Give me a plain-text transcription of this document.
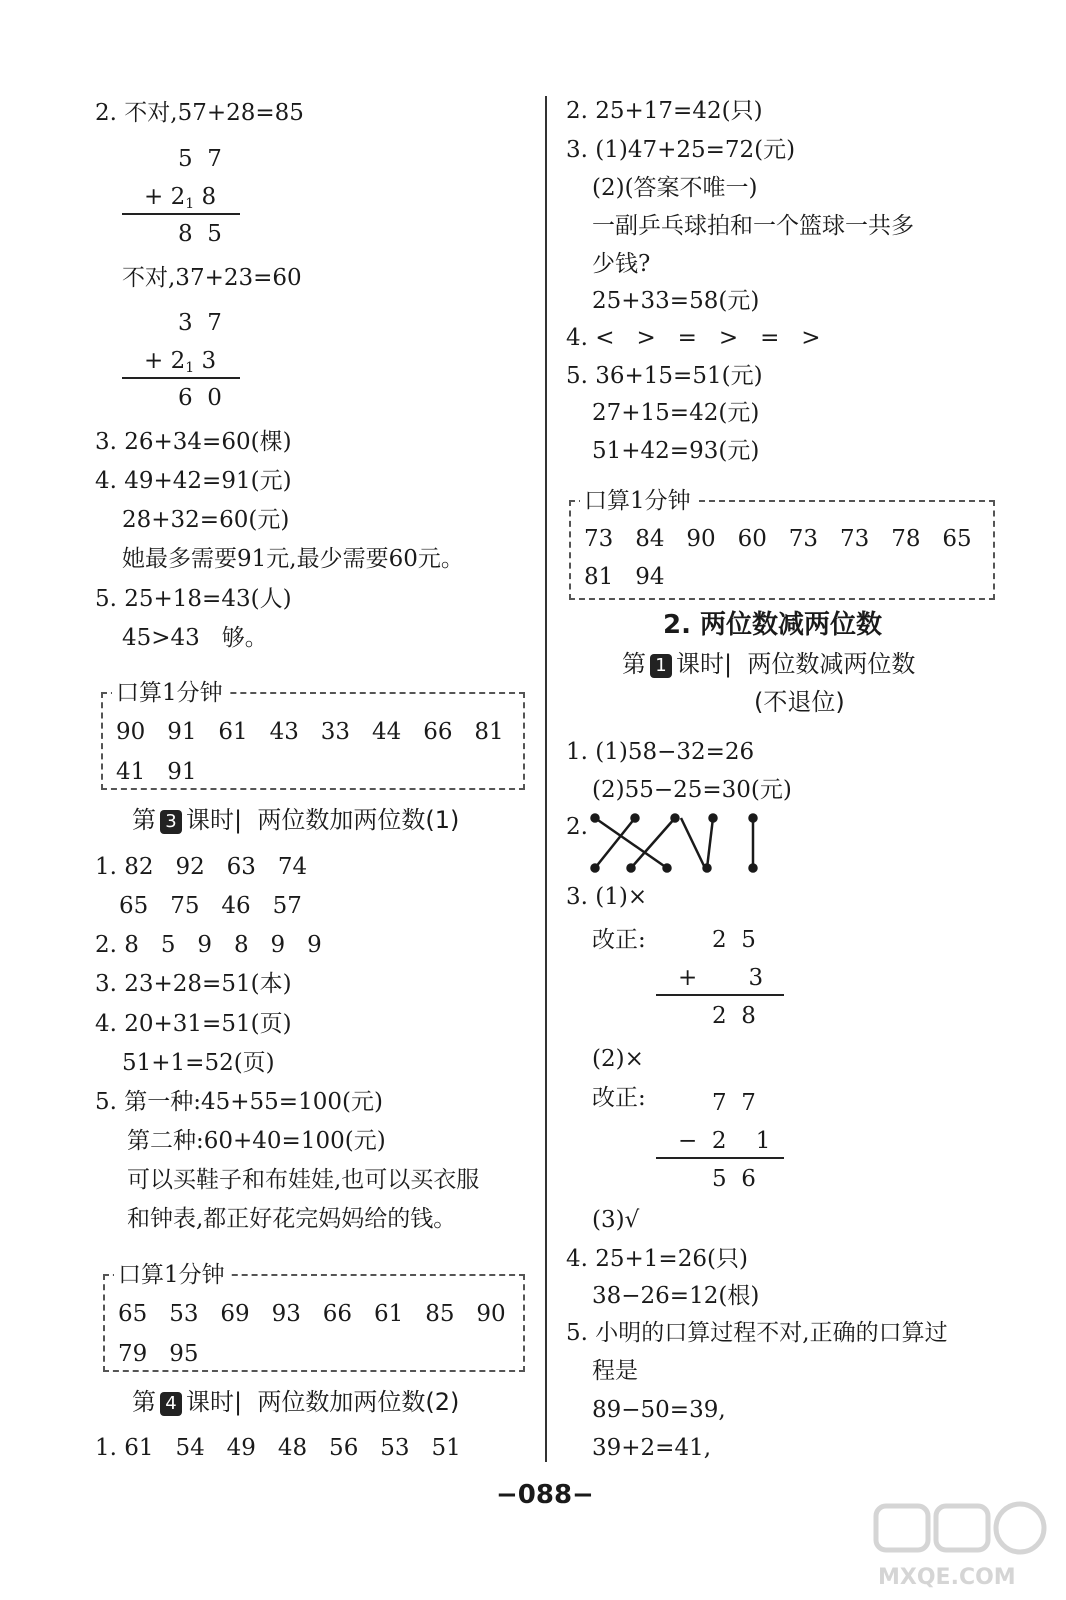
2. 不对,57+28=85
5  7
+ $2_1$ 8
8  5
不对,37+23=60
3  7
+ $2_1$ 3
6  0
3. 26+34=60(棵)
4. 49+42=91(元)
28+32=60(元)
她最多需要91元,最少需要60元。
5. 25+18=43(人)
45>43   够。
口算1分钟
90   91   61   43   33   44   66   81
41   91
第 3 课时|  两位数加两位数(1)
1. 82   92   63   74
65   75   46   57
2. 8   5   9   8   9   9
3. 23+28=51(本)
4. 20+31=51(页)
51+1=52(页)
5. 第一种:45+55=100(元)
第二种:60+40=100(元)
可以买鞋子和布娃娃,也可以买衣服
和钟表,都正好花完妈妈给的钱。
口算1分钟
65   53   69   93   66   61   85   90
79   95
第 4 课时|  两位数加两位数(2)
1. 61   54   49   48   56   53   51
2. 25+17=42(只)
3. (1)47+25=72(元)
(2)(答案不唯一)
一副乒乓球拍和一个篮球一共多
少钱?
25+33=58(元)
4. <   >   =   >   =   >
5. 36+15=51(元)
27+15=42(元)
51+42=93(元)
口算1分钟
73   84   90   60   73   73   78   65
81   94
2. 两位数减两位数
第 1 课时|  两位数减两位数
(不退位)
1. (1)58−32=26
(2)55−25=30(元)
2.
3. (1)×
改正:	2  5
+       3
2  8
(2)×
改正:	7  7
−  2    1
5  6
(3)√
4. 25+1=26(只)
38−26=12(根)
5. 小明的口算过程不对,正确的口算过
程是
89−50=39,
39+2=41,
−088−
MXQE.COM
